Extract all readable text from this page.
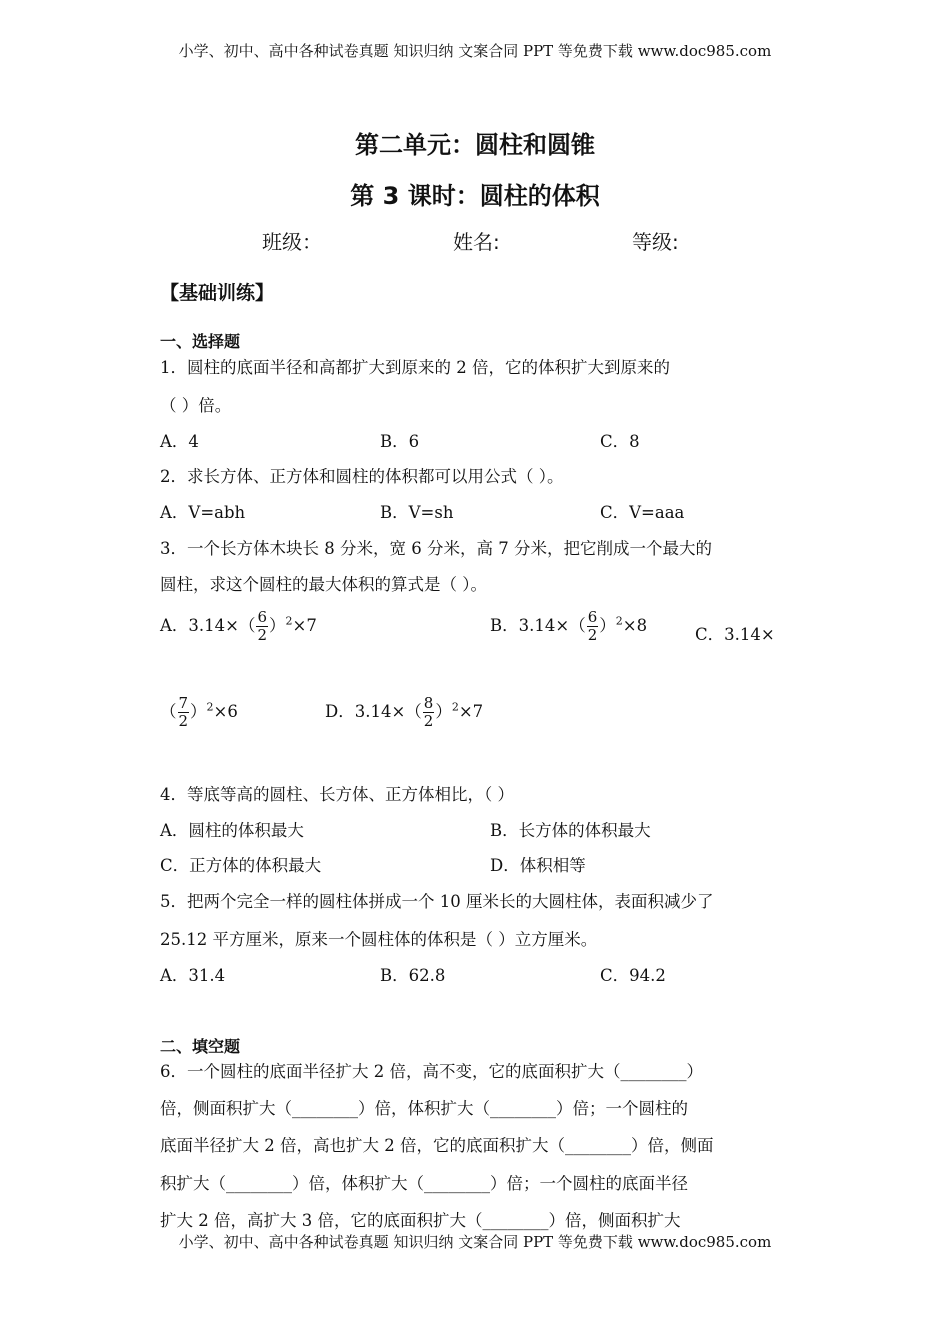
小学、初中、高中各种试卷真题 知识归纳 文案合同 PPT 等免费下载 www.doc985.com
小学、初中、高中各种试卷真题 知识归纳 文案合同 PPT 等免费下载 www.doc985.com
第二单元：圆柱和圆锥
第 3 课时：圆柱的体积
班级：	姓名:	等级:
【基础训练】
一、选择题
1．圆柱的底面半径和高都扩大到原来的 2 倍，它的体积扩大到原来的
（ ）倍。
A．4	B．6	C．8
2．求长方体、正方体和圆柱的体积都可以用公式（ ）。
A．V=abh	B．V=sh	C．V=aaa
3．一个长方体木块长 8 分米，宽 6 分米，高 7 分米，把它削成一个最大的
圆柱，求这个圆柱的最大体积的算式是（ ）。
A．$3.14\times( \frac{6}{2} )^2\times 7$	B．$3.14\times( \frac{6}{2} )^2\times 8$	C．3.14×
（ $\frac{7}{2} )^2\times 6$	D．$3.14\times( \frac{8}{2} )^2\times 7$
4．等底等高的圆柱、长方体、正方体相比，（ ）
A．圆柱的体积最大	B．长方体的体积最大
C．正方体的体积最大	D．体积相等
5．把两个完全一样的圆柱体拼成一个 10 厘米长的大圆柱体，表面积减少了
25.12 平方厘米，原来一个圆柱体的体积是（ ）立方厘米。
A．31.4	B．62.8	C．94.2
二、填空题
6．一个圆柱的底面半径扩大 2 倍，高不变，它的底面积扩大（________）
倍，侧面积扩大（________）倍，体积扩大（________）倍；一个圆柱的
底面半径扩大 2 倍，高也扩大 2 倍，它的底面积扩大（________）倍，侧面
积扩大（________）倍，体积扩大（________）倍；一个圆柱的底面半径
扩大 2 倍，高扩大 3 倍，它的底面积扩大（________）倍，侧面积扩大
